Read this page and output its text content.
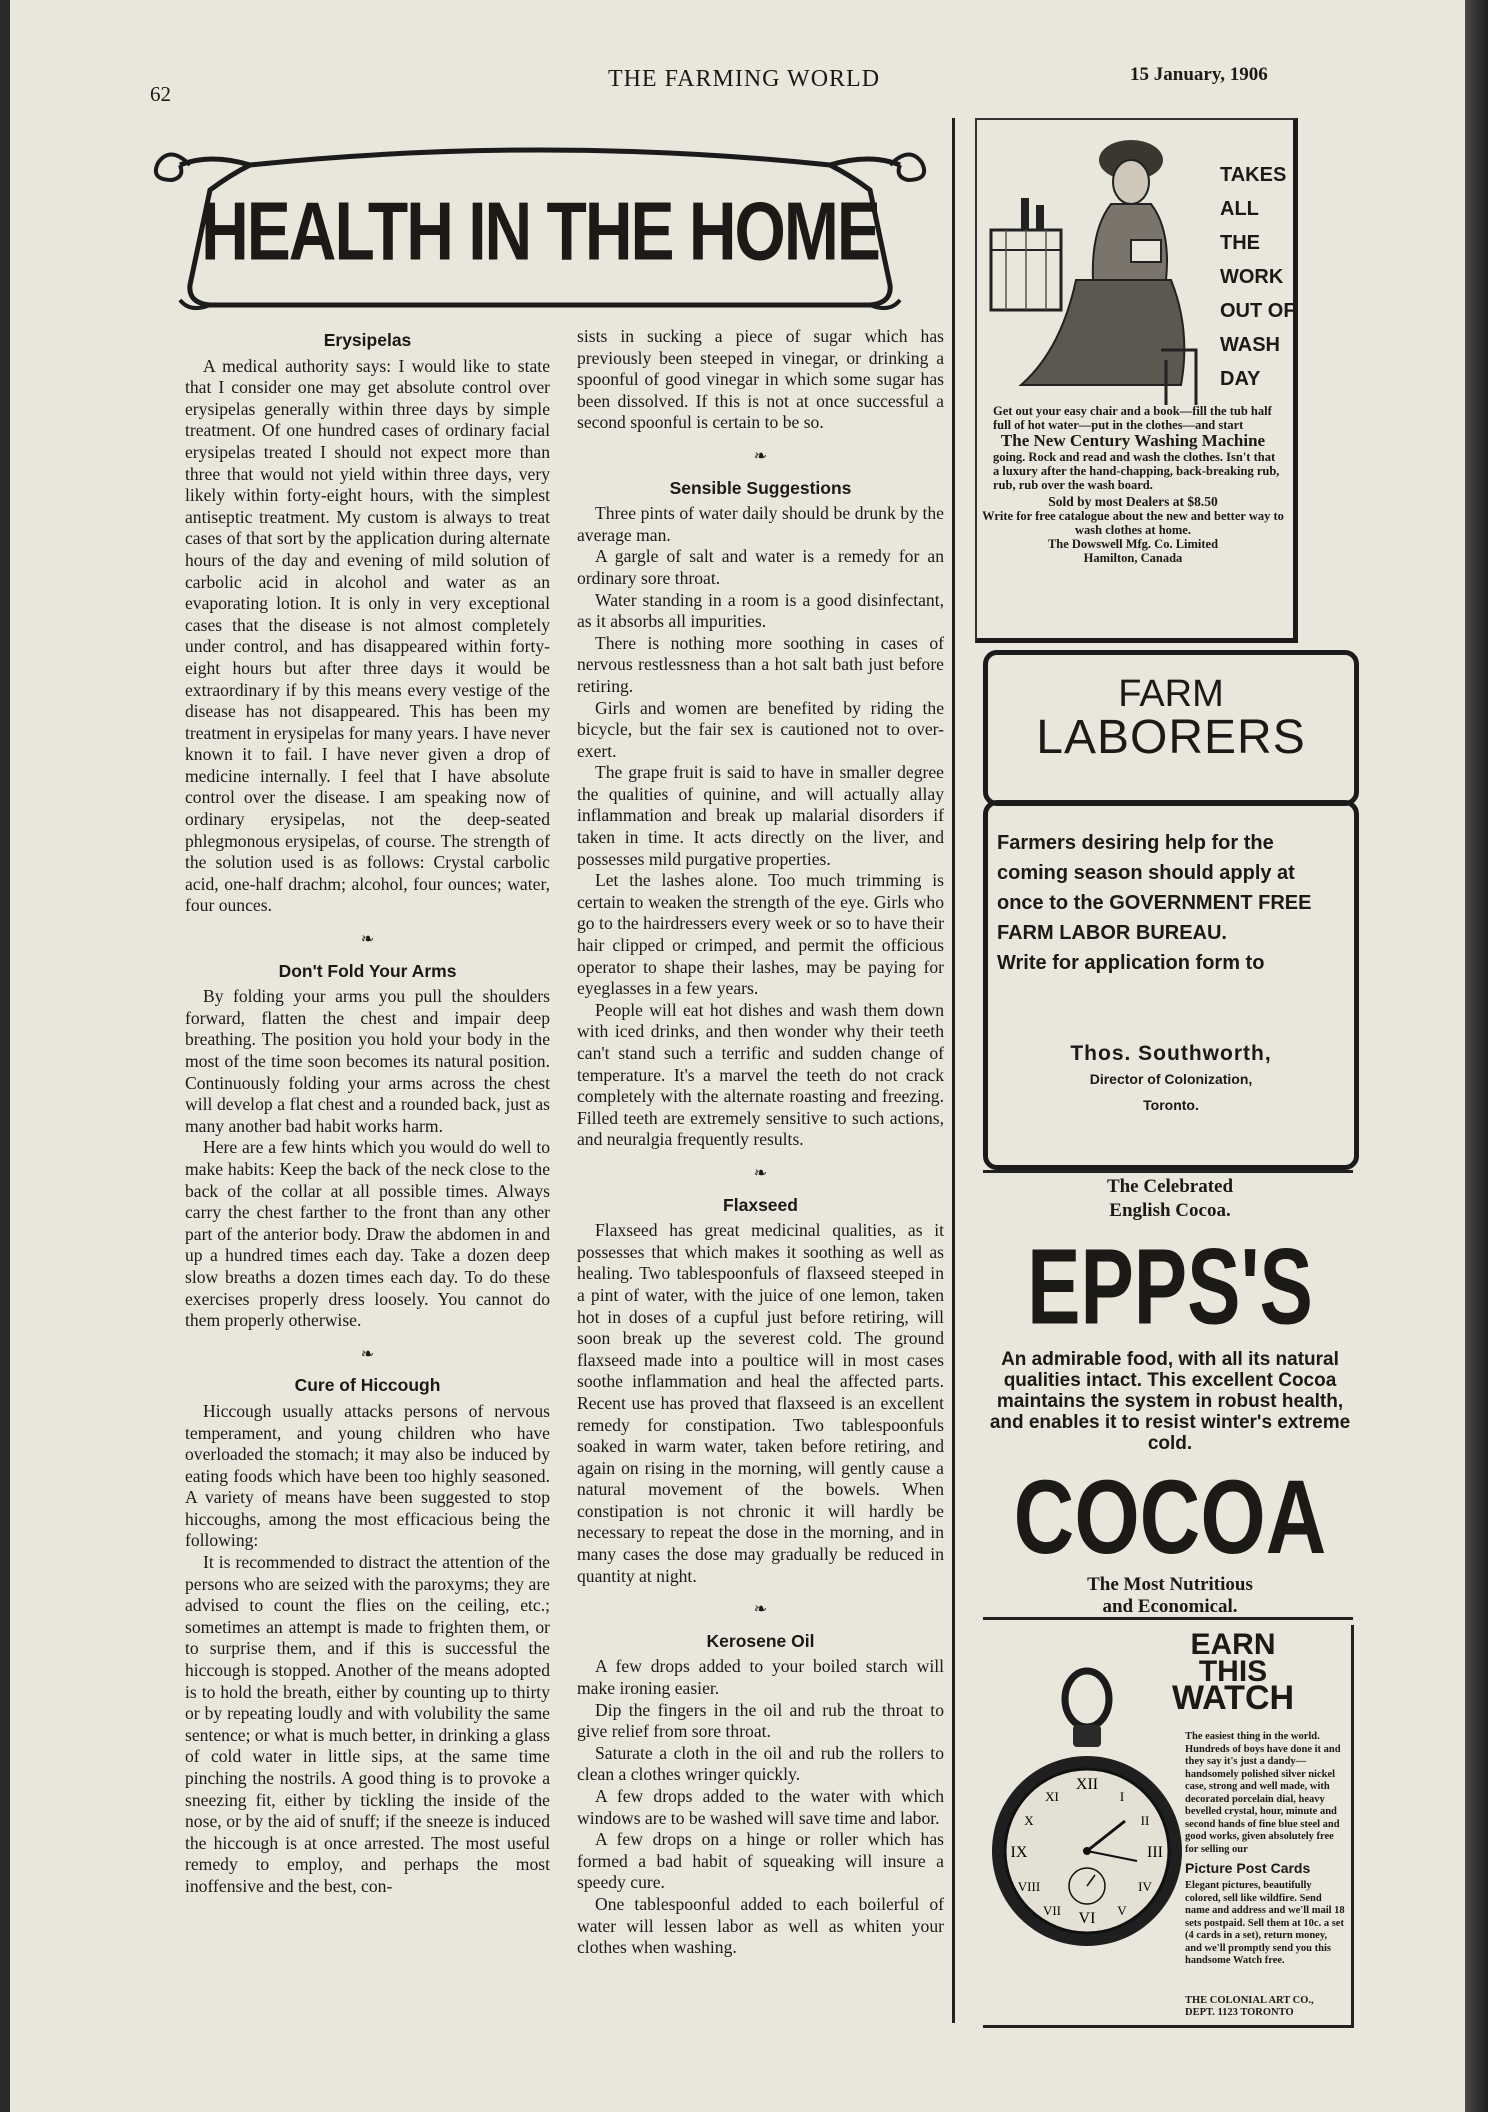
62
THE FARMING WORLD	15 January, 1906
HEALTH IN THE HOME
Erysipelas

A medical authority says: I would like to state that I consider one may get absolute control over erysipelas generally within three days by simple treatment. Of one hundred cases of ordinary facial erysipelas treated I should not expect more than three that would not yield within three days, very likely within forty-eight hours, with the simplest antiseptic treatment. My custom is always to treat cases of that sort by the application during alternate hours of the day and evening of mild solution of carbolic acid in alcohol and water as an evaporating lotion. It is only in very exceptional cases that the disease is not almost completely under control, and has disappeared within forty-eight hours but after three days it would be extraordinary if by this means every vestige of the disease has not disappeared. This has been my treatment in erysipelas for many years. I have never known it to fail. I have never given a drop of medicine internally. I feel that I have absolute control over the disease. I am speaking now of ordinary erysipelas, not the deep-seated phlegmonous erysipelas, of course. The strength of the solution used is as follows: Crystal carbolic acid, one-half drachm; alcohol, four ounces; water, four ounces.

❧
Don't Fold Your Arms

By folding your arms you pull the shoulders forward, flatten the chest and impair deep breathing. The position you hold your body in the most of the time soon becomes its natural position. Continuously folding your arms across the chest will develop a flat chest and a rounded back, just as many another bad habit works harm.

Here are a few hints which you would do well to make habits: Keep the back of the neck close to the back of the collar at all possible times. Always carry the chest farther to the front than any other part of the anterior body. Draw the abdomen in and up a hundred times each day. Take a dozen deep slow breaths a dozen times each day. To do these exercises properly dress loosely. You cannot do them properly otherwise.

❧
Cure of Hiccough

Hiccough usually attacks persons of nervous temperament, and young children who have overloaded the stomach; it may also be induced by eating foods which have been too highly seasoned. A variety of means have been suggested to stop hiccoughs, among the most efficacious being the following:

It is recommended to distract the attention of the persons who are seized with the paroxyms; they are advised to count the flies on the ceiling, etc.; sometimes an attempt is made to frighten them, or to surprise them, and if this is successful the hiccough is stopped. Another of the means adopted is to hold the breath, either by counting up to thirty or by repeating loudly and with volubility the same sentence; or what is much better, in drinking a glass of cold water in little sips, at the same time pinching the nostrils. A good thing is to provoke a sneezing fit, either by tickling the inside of the nose, or by the aid of snuff; if the sneeze is induced the hiccough is at once arrested. The most useful remedy to employ, and perhaps the most inoffensive and the best, con-

sists in sucking a piece of sugar which has previously been steeped in vinegar, or drinking a spoonful of good vinegar in which some sugar has been dissolved. If this is not at once successful a second spoonful is certain to be so.

❧
Sensible Suggestions

Three pints of water daily should be drunk by the average man.

A gargle of salt and water is a remedy for an ordinary sore throat.

Water standing in a room is a good disinfectant, as it absorbs all impurities.

There is nothing more soothing in cases of nervous restlessness than a hot salt bath just before retiring.

Girls and women are benefited by riding the bicycle, but the fair sex is cautioned not to over-exert.

The grape fruit is said to have in smaller degree the qualities of quinine, and will actually allay inflammation and break up malarial disorders if taken in time. It acts directly on the liver, and possesses mild purgative properties.

Let the lashes alone. Too much trimming is certain to weaken the strength of the eye. Girls who go to the hairdressers every week or so to have their hair clipped or crimped, and permit the officious operator to shape their lashes, may be paying for eyeglasses in a few years.

People will eat hot dishes and wash them down with iced drinks, and then wonder why their teeth can't stand such a terrific and sudden change of temperature. It's a marvel the teeth do not crack completely with the alternate roasting and freezing. Filled teeth are extremely sensitive to such actions, and neuralgia frequently results.

❧
Flaxseed

Flaxseed has great medicinal qualities, as it possesses that which makes it soothing as well as healing. Two tablespoonfuls of flaxseed steeped in a pint of water, with the juice of one lemon, taken hot in doses of a cupful just before retiring, will soon break up the severest cold. The ground flaxseed made into a poultice will in most cases soothe inflammation and heal the affected parts. Recent use has proved that flaxseed is an excellent remedy for constipation. Two tablespoonfuls soaked in warm water, taken before retiring, and again on rising in the morning, will gently cause a natural movement of the bowels. When constipation is not chronic it will hardly be necessary to repeat the dose in the morning, and in many cases the dose may gradually be reduced in quantity at night.

❧
Kerosene Oil

A few drops added to your boiled starch will make ironing easier.

Dip the fingers in the oil and rub the throat to give relief from sore throat.

Saturate a cloth in the oil and rub the rollers to clean a clothes wringer quickly.

A few drops added to the water with which windows are to be washed will save time and labor.

A few drops on a hinge or roller which has formed a bad habit of squeaking will insure a speedy cure.

One tablespoonful added to each boilerful of water will lessen labor as well as whiten your clothes when washing.

TAKES
ALL
THE
WORK
OUT OF
WASH
DAY
Get out your easy chair and a book—fill the tub half full of hot water—put in the clothes—and start
The New Century Washing Machine
going. Rock and read and wash the clothes. Isn't that a luxury after the hand-chapping, back-breaking rub, rub, rub over the wash board.
Sold by most Dealers at $8.50
Write for free catalogue about the new and better way to wash clothes at home.
The Dowswell Mfg. Co. Limited
Hamilton, Canada
FARM
LABORERS
Farmers desiring help for the coming season should apply at once to the GOVERNMENT FREE FARM LABOR BUREAU.
Write for application form to
Thos. Southworth,
Director of Colonization,
Toronto.
The Celebrated
English Cocoa.
EPPS'S
An admirable food, with all its natural qualities intact. This excellent Cocoa maintains the system in robust health, and enables it to resist winter's extreme cold.
COCOA
The Most Nutritious
and Economical.
EARN
THIS
WATCH
XII
III
IX
VI
I
II
IV
V
VII
VIII
X
XI
The easiest thing in the world. Hundreds of boys have done it and they say it's just a dandy—handsomely polished silver nickel case, strong and well made, with decorated porcelain dial, heavy bevelled crystal, hour, minute and second hands of fine blue steel and good works, given absolutely free for selling our
Picture Post Cards
Elegant pictures, beautifully colored, sell like wildfire. Send name and address and we'll mail 18 sets postpaid. Sell them at 10c. a set (4 cards in a set), return money, and we'll promptly send you this handsome Watch free.
THE COLONIAL ART CO.,
DEPT. 1123 TORONTO
